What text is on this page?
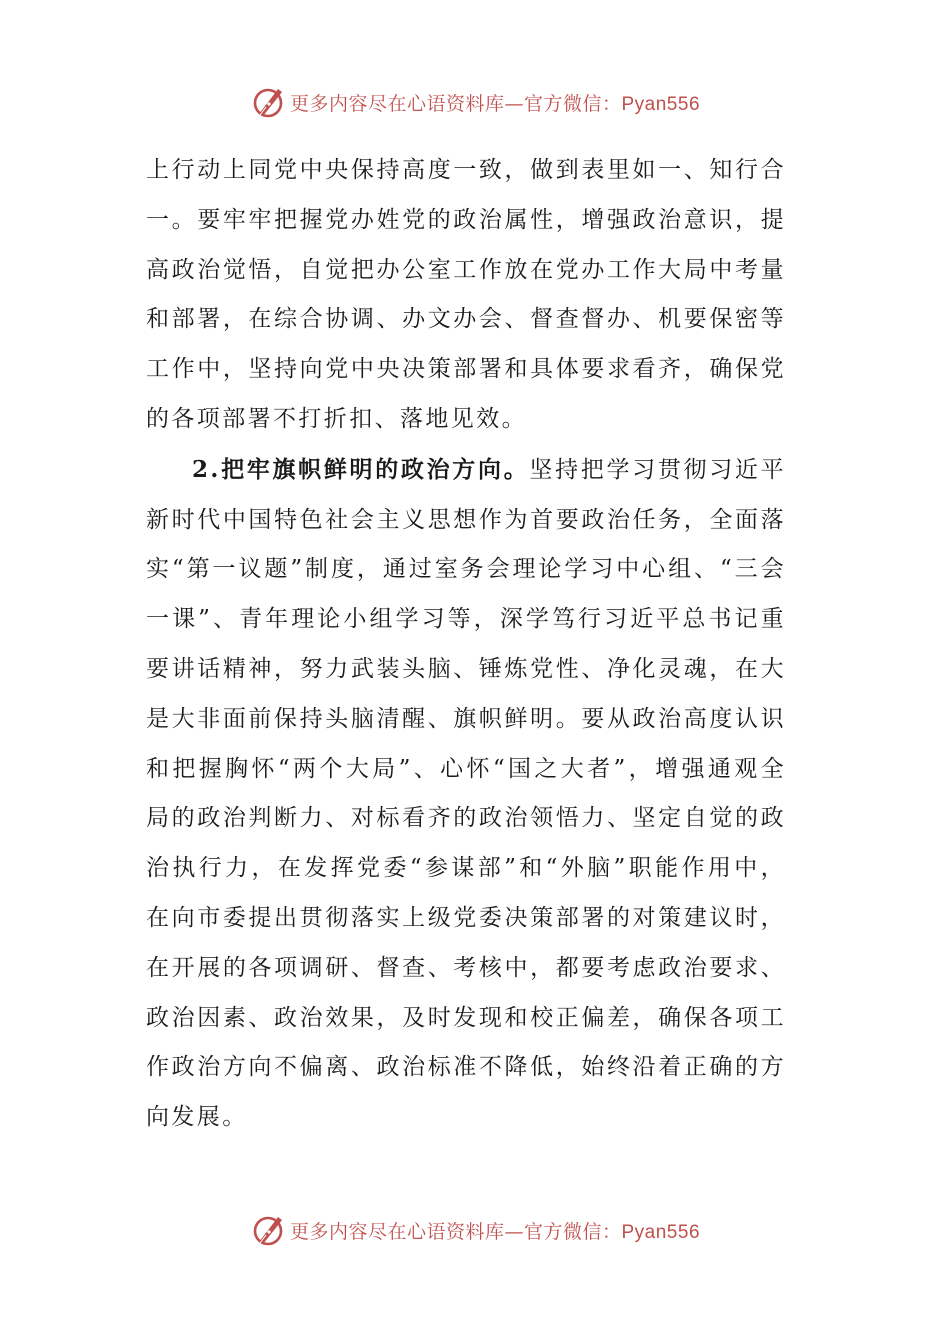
更多内容尽在心语资料库—官方微信：Pyan556

上行动上同党中央保持高度一致，做到表里如一、知行合一。要牢牢把握党办姓党的政治属性，增强政治意识，提高政治觉悟，自觉把办公室工作放在党办工作大局中考量和部署，在综合协调、办文办会、督查督办、机要保密等工作中，坚持向党中央决策部署和具体要求看齐，确保党的各项部署不打折扣、落地见效。

2.把牢旗帜鲜明的政治方向。坚持把学习贯彻习近平新时代中国特色社会主义思想作为首要政治任务，全面落实“第一议题”制度，通过室务会理论学习中心组、“三会一课”、青年理论小组学习等，深学笃行习近平总书记重要讲话精神，努力武装头脑、锤炼党性、净化灵魂，在大是大非面前保持头脑清醒、旗帜鲜明。要从政治高度认识和把握胸怀“两个大局”、心怀“国之大者”，增强通观全局的政治判断力、对标看齐的政治领悟力、坚定自觉的政治执行力，在发挥党委“参谋部”和“外脑”职能作用中，在向市委提出贯彻落实上级党委决策部署的对策建议时，在开展的各项调研、督查、考核中，都要考虑政治要求、政治因素、政治效果，及时发现和校正偏差，确保各项工作政治方向不偏离、政治标准不降低，始终沿着正确的方向发展。

更多内容尽在心语资料库—官方微信：Pyan556
